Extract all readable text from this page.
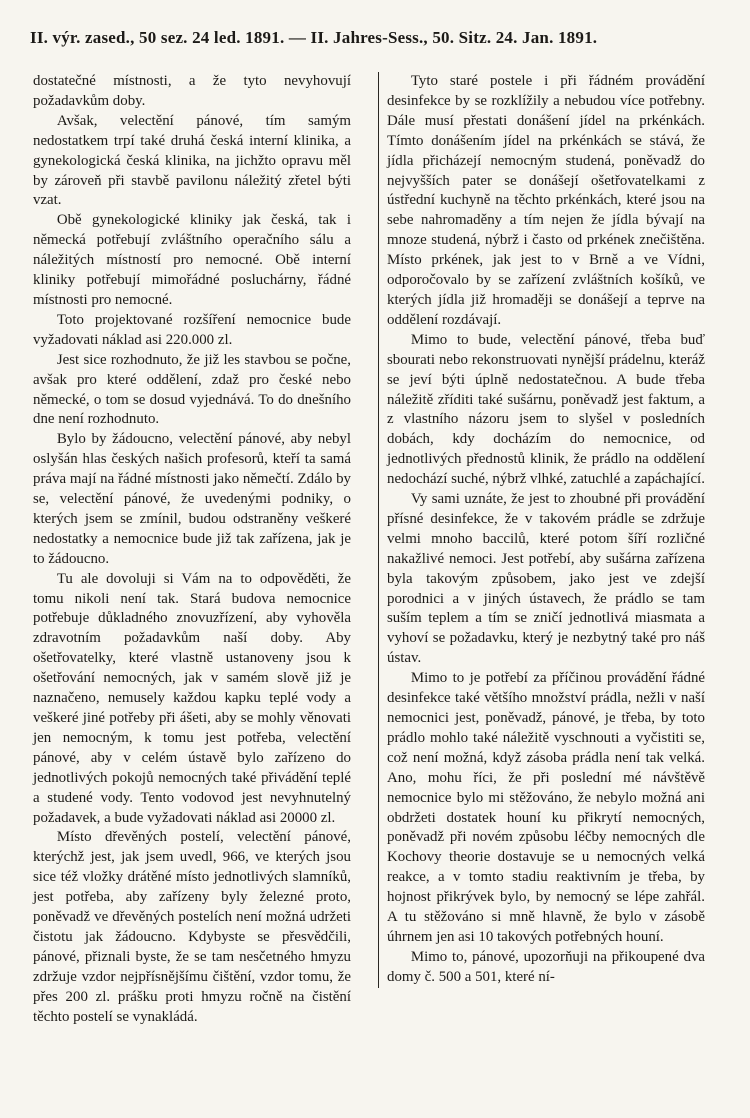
II. výr. zased., 50 sez. 24 led. 1891. — II. Jahres-Sess., 50. Sitz. 24. Jan. 1891.

dostatečné místnosti, a že tyto nevyhovují požadavkům doby.

Avšak, velectění pánové, tím samým nedostatkem trpí také druhá česká interní klinika, a gynekologická česká klinika, na jichžto opravu měl by zároveň při stavbě pavilonu náležitý zřetel býti vzat.

Obě gynekologické kliniky jak česká, tak i německá potřebují zvláštního operačního sálu a náležitých místností pro nemocné. Obě interní kliniky potřebují mimořádné posluchárny, řádné místnosti pro nemocné.

Toto projektované rozšíření nemocnice bude vyžadovati náklad asi 220.000 zl.

Jest sice rozhodnuto, že již les stavbou se počne, avšak pro které oddělení, zdaž pro české nebo německé, o tom se dosud vyjednává. To do dnešního dne není rozhodnuto.

Bylo by žádoucno, velectění pánové, aby nebyl oslyšán hlas českých našich profesorů, kteří ta samá práva mají na řádné místnosti jako němečtí. Zdálo by se, velectění pánové, že uvedenými podniky, o kterých jsem se zmínil, budou odstraněny veškeré nedostatky a nemocnice bude již tak zařízena, jak je to žádoucno.

Tu ale dovoluji si Vám na to odpověděti, že tomu nikoli není tak. Stará budova nemocnice potřebuje důkladného znovuzřízení, aby vyhověla zdravotním požadavkům naší doby. Aby ošetřovatelky, které vlastně ustanoveny jsou k ošetřování nemocných, jak v samém slově již je naznačeno, nemusely každou kapku teplé vody a veškeré jiné potřeby při ášeti, aby se mohly věnovati jen nemocným, k tomu jest potřeba, velectění pánové, aby v celém ústavě bylo zařízeno do jednotlivých pokojů nemocných také přivádění teplé a studené vody. Tento vodovod jest nevyhnutelný požadavek, a bude vyžadovati náklad asi 20000 zl.

Místo dřevěných postelí, velectění pánové, kterýchž jest, jak jsem uvedl, 966, ve kterých jsou sice též vložky drátěné místo jednotlivých slamníků, jest potřeba, aby zařízeny byly železné proto, poněvadž ve dřevěných postelích není možná udržeti čistotu jak žádoucno. Kdybyste se přesvědčili, pánové, přiznali byste, že se tam nesčetného hmyzu zdržuje vzdor nejpřísnějšímu čištění, vzdor tomu, že přes 200 zl. prášku proti hmyzu ročně na čistění těchto postelí se vynakládá.

Tyto staré postele i při řádném provádění desinfekce by se rozklížily a nebudou více potřebny. Dále musí přestati donášení jídel na prkénkách. Tímto donášením jídel na prkénkách se stává, že jídla přicházejí nemocným studená, poněvadž do nejvyšších pater se donášejí ošetřovatelkami z ústřední kuchyně na těchto prkénkách, které jsou na sebe nahromaděny a tím nejen že jídla bývají na mnoze studená, nýbrž i často od prkének znečištěna. Místo prkének, jak jest to v Brně a ve Vídni, odporočovalo by se zařízení zvláštních košíků, ve kterých jídla již hromaději se donášejí a teprve na oddělení rozdávají.

Mimo to bude, velectění pánové, třeba buď sbourati nebo rekonstruovati nynější prádelnu, kteráž se jeví býti úplně nedostatečnou. A bude třeba náležitě zříditi také sušárnu, poněvadž jest faktum, a z vlastního názoru jsem to slyšel v posledních dobách, kdy docházím do nemocnice, od jednotlivých přednostů klinik, že prádlo na oddělení nedochází suché, nýbrž vlhké, zatuchlé a zapáchající.

Vy sami uznáte, že jest to zhoubné při provádění přísné desinfekce, že v takovém prádle se zdržuje velmi mnoho baccilů, které potom šíří rozličné nakažlivé nemoci. Jest potřebí, aby sušárna zařízena byla takovým způsobem, jako jest ve zdejší porodnici a v jiných ústavech, že prádlo se tam suším teplem a tím se zničí jednotlivá miasmata a vyhoví se požadavku, který je nezbytný také pro náš ústav.

Mimo to je potřebí za příčinou provádění řádné desinfekce také většího množství prádla, nežli v naší nemocnici jest, poněvadž, pánové, je třeba, by toto prádlo mohlo také náležitě vyschnouti a vyčistiti se, což není možná, když zásoba prádla není tak velká. Ano, mohu říci, že při poslední mé návštěvě nemocnice bylo mi stěžováno, že nebylo možná ani obdržeti dostatek houní ku přikrytí nemocných, poněvadž při novém způsobu léčby nemocných dle Kochovy theorie dostavuje se u nemocných velká reakce, a v tomto stadiu reaktivním je třeba, by hojnost přikrývek bylo, by nemocný se lépe zahřál. A tu stěžováno si mně hlavně, že bylo v zásobě úhrnem jen asi 10 takových potřebných houní.

Mimo to, pánové, upozorňuji na přikoupené dva domy č. 500 a 501, které ní-
